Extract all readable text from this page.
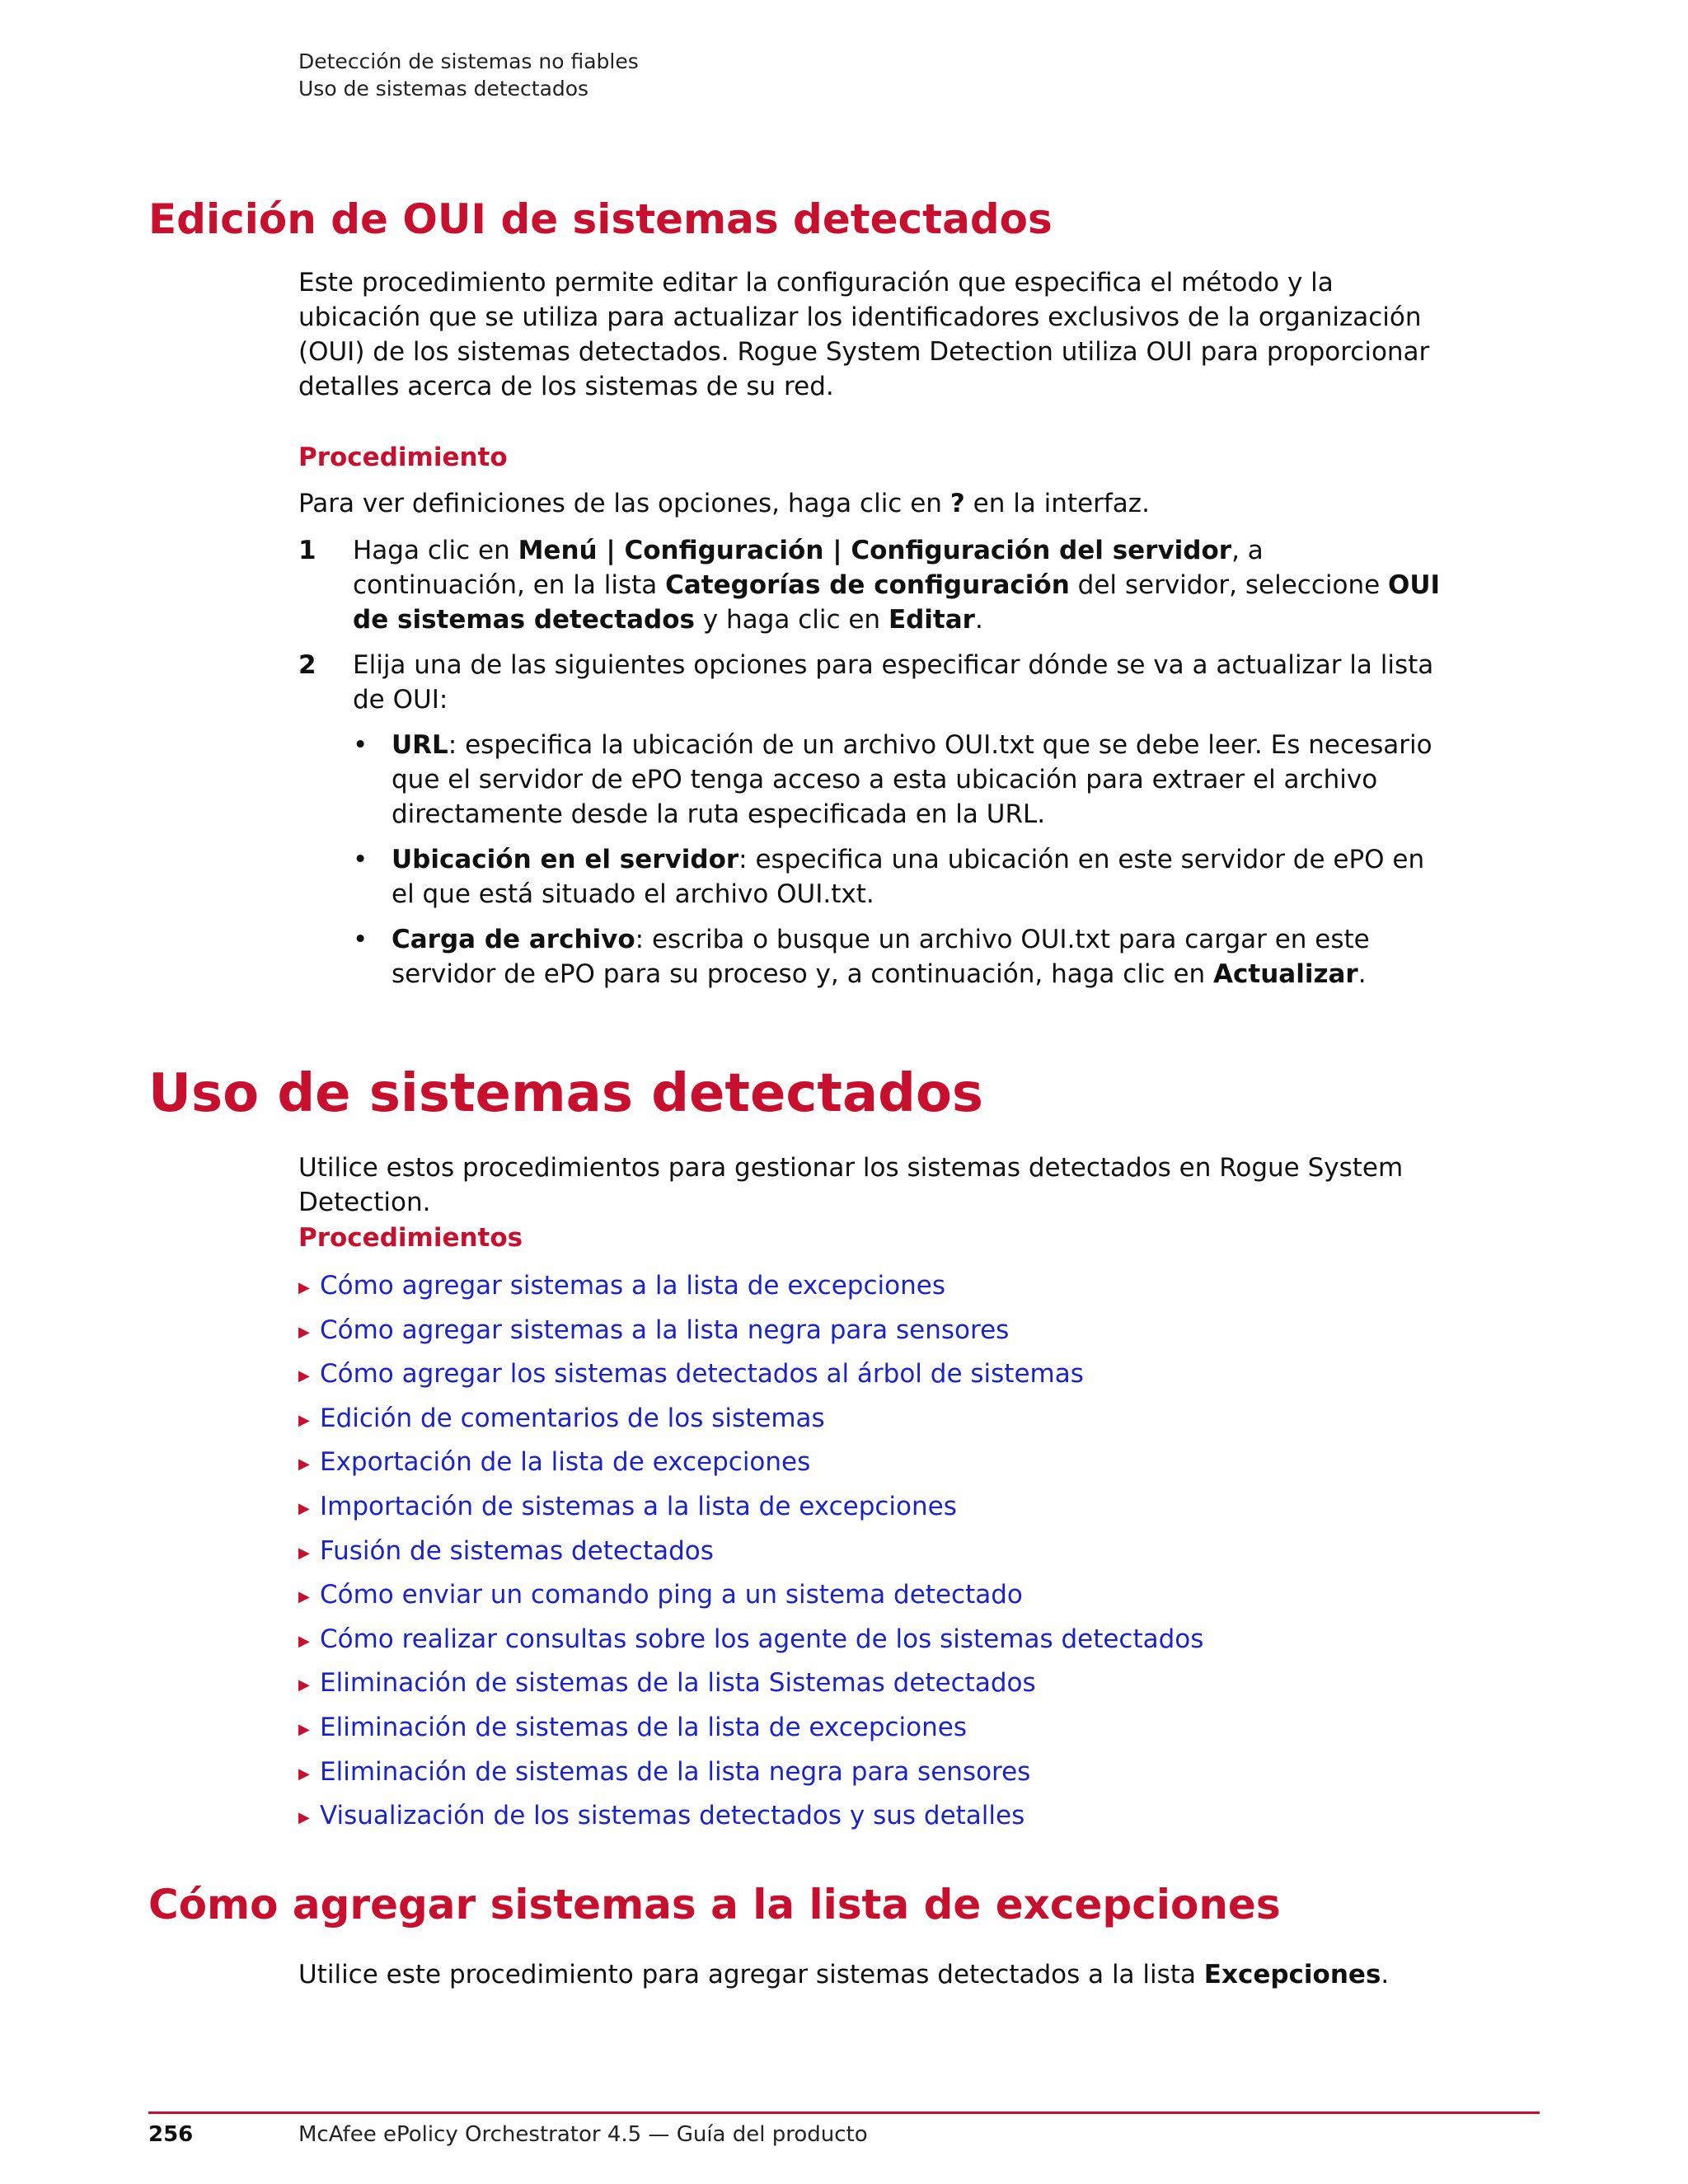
Detección de sistemas no fiables
Uso de sistemas detectados
Edición de OUI de sistemas detectados

Este procedimiento permite editar la configuración que especifica el método y la ubicación que se utiliza para actualizar los identificadores exclusivos de la organización (OUI) de los sistemas detectados. Rogue System Detection utiliza OUI para proporcionar detalles acerca de los sistemas de su red.

Procedimiento
Para ver definiciones de las opciones, haga clic en ? en la interfaz.
1 Haga clic en Menú | Configuración | Configuración del servidor, a continuación, en la lista Categorías de configuración del servidor, seleccione OUI de sistemas detectados y haga clic en Editar.
2 Elija una de las siguientes opciones para especificar dónde se va a actualizar la lista de OUI:
• URL: especifica la ubicación de un archivo OUI.txt que se debe leer. Es necesario que el servidor de ePO tenga acceso a esta ubicación para extraer el archivo directamente desde la ruta especificada en la URL.
• Ubicación en el servidor: especifica una ubicación en este servidor de ePO en el que está situado el archivo OUI.txt.
• Carga de archivo: escriba o busque un archivo OUI.txt para cargar en este servidor de ePO para su proceso y, a continuación, haga clic en Actualizar.
Uso de sistemas detectados
Utilice estos procedimientos para gestionar los sistemas detectados en Rogue System Detection.
Procedimientos
▶ Cómo agregar sistemas a la lista de excepciones
▶ Cómo agregar sistemas a la lista negra para sensores
▶ Cómo agregar los sistemas detectados al árbol de sistemas
▶ Edición de comentarios de los sistemas
▶ Exportación de la lista de excepciones
▶ Importación de sistemas a la lista de excepciones
▶ Fusión de sistemas detectados
▶ Cómo enviar un comando ping a un sistema detectado
▶ Cómo realizar consultas sobre los agente de los sistemas detectados
▶ Eliminación de sistemas de la lista Sistemas detectados
▶ Eliminación de sistemas de la lista de excepciones
▶ Eliminación de sistemas de la lista negra para sensores
▶ Visualización de los sistemas detectados y sus detalles
Cómo agregar sistemas a la lista de excepciones
Utilice este procedimiento para agregar sistemas detectados a la lista Excepciones.
256	McAfee ePolicy Orchestrator 4.5 — Guía del producto
